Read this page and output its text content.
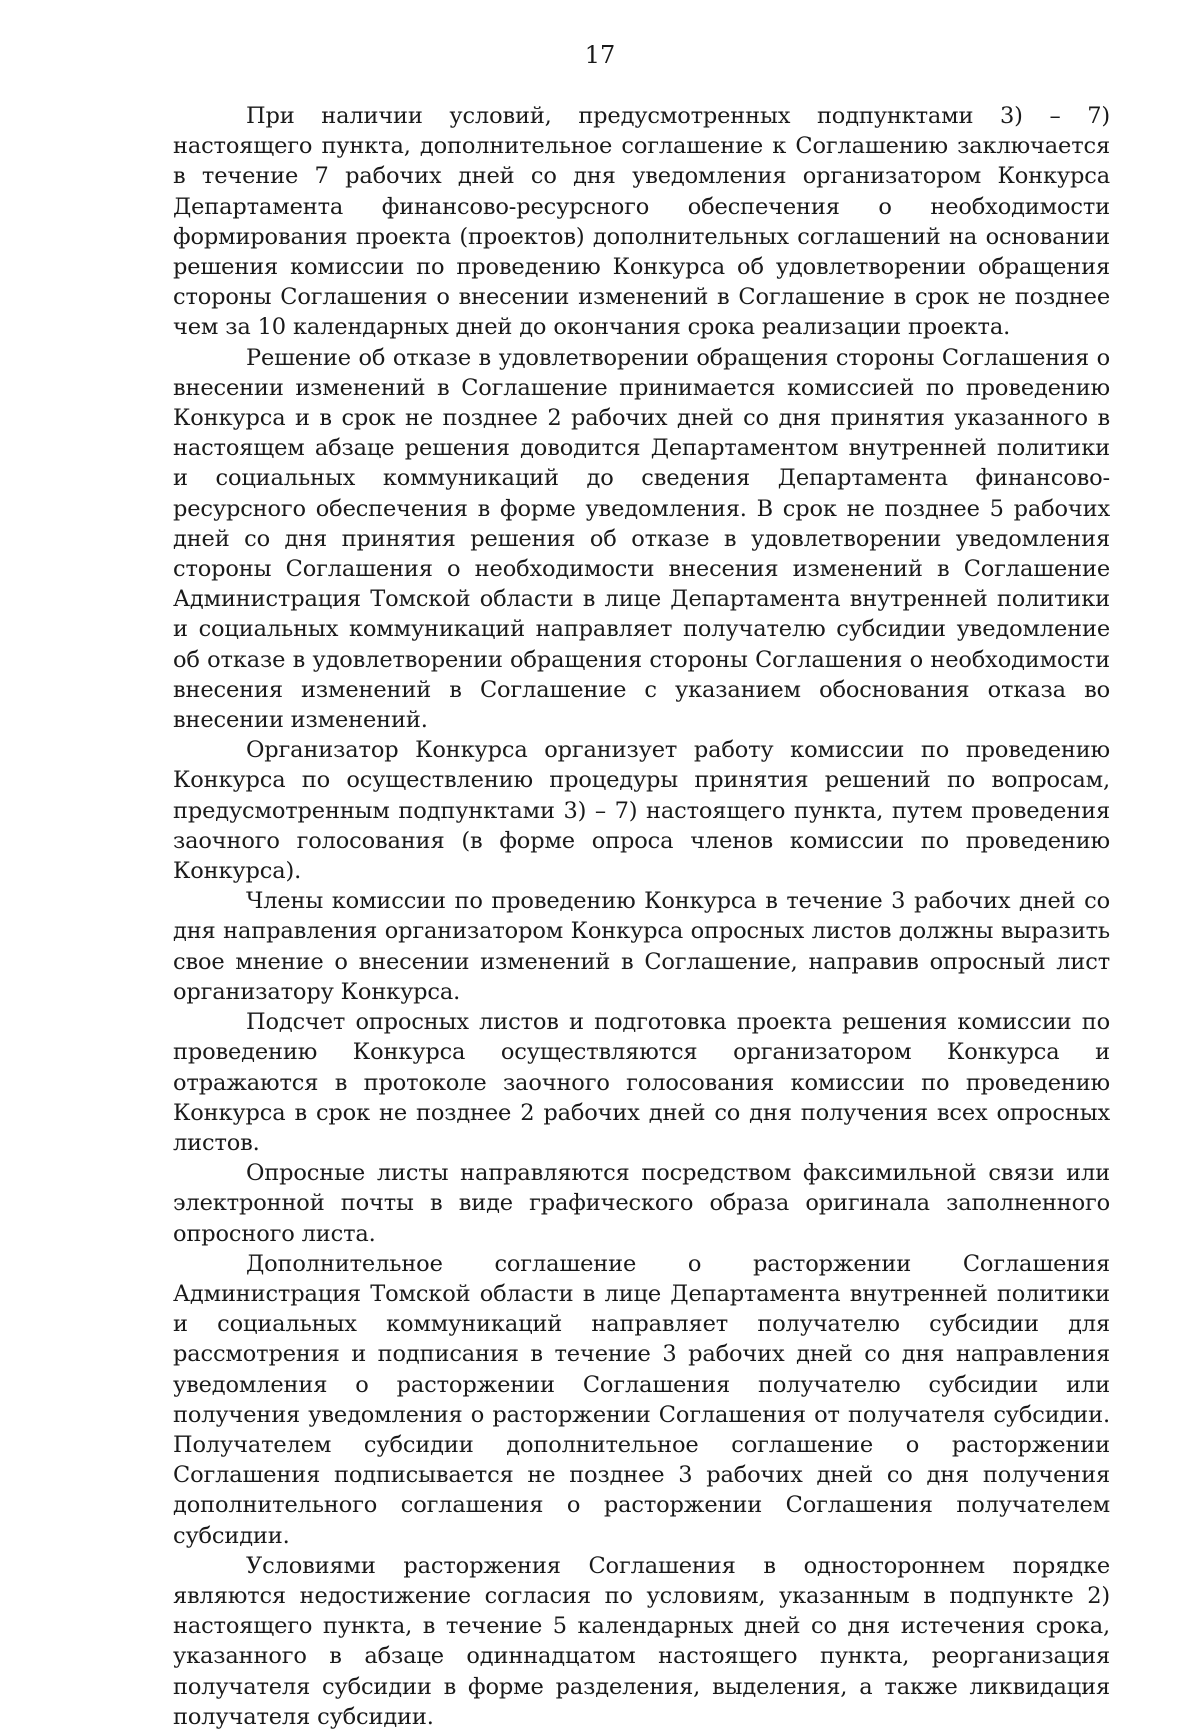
17

При наличии условий, предусмотренных подпунктами 3) – 7) настоящего пункта, дополнительное соглашение к Соглашению заключается в течение 7 рабочих дней со дня уведомления организатором Конкурса Департамента финансово-ресурсного обеспечения о необходимости формирования проекта (проектов) дополнительных соглашений на основании решения комиссии по проведению Конкурса об удовлетворении обращения стороны Соглашения о внесении изменений в Соглашение в срок не позднее чем за 10 календарных дней до окончания срока реализации проекта.

Решение об отказе в удовлетворении обращения стороны Соглашения о внесении изменений в Соглашение принимается комиссией по проведению Конкурса и в срок не позднее 2 рабочих дней со дня принятия указанного в настоящем абзаце решения доводится Департаментом внутренней политики и социальных коммуникаций до сведения Департамента финансово-ресурсного обеспечения в форме уведомления. В срок не позднее 5 рабочих дней со дня принятия решения об отказе в удовлетворении уведомления стороны Соглашения о необходимости внесения изменений в Соглашение Администрация Томской области в лице Департамента внутренней политики и социальных коммуникаций направляет получателю субсидии уведомление об отказе в удовлетворении обращения стороны Соглашения о необходимости внесения изменений в Соглашение с указанием обоснования отказа во внесении изменений.

Организатор Конкурса организует работу комиссии по проведению Конкурса по осуществлению процедуры принятия решений по вопросам, предусмотренным подпунктами 3) – 7) настоящего пункта, путем проведения заочного голосования (в форме опроса членов комиссии по проведению Конкурса).

Члены комиссии по проведению Конкурса в течение 3 рабочих дней со дня направления организатором Конкурса опросных листов должны выразить свое мнение о внесении изменений в Соглашение, направив опросный лист организатору Конкурса.

Подсчет опросных листов и подготовка проекта решения комиссии по проведению Конкурса осуществляются организатором Конкурса и отражаются в протоколе заочного голосования комиссии по проведению Конкурса в срок не позднее 2 рабочих дней со дня получения всех опросных листов.

Опросные листы направляются посредством факсимильной связи или электронной почты в виде графического образа оригинала заполненного опросного листа.

Дополнительное соглашение о расторжении Соглашения Администрация Томской области в лице Департамента внутренней политики и социальных коммуникаций направляет получателю субсидии для рассмотрения и подписания в течение 3 рабочих дней со дня направления уведомления о расторжении Соглашения получателю субсидии или получения уведомления о расторжении Соглашения от получателя субсидии. Получателем субсидии дополнительное соглашение о расторжении Соглашения подписывается не позднее 3 рабочих дней со дня получения дополнительного соглашения о расторжении Соглашения получателем субсидии.

Условиями расторжения Соглашения в одностороннем порядке являются недостижение согласия по условиям, указанным в подпункте 2) настоящего пункта, в течение 5 календарных дней со дня истечения срока, указанного в абзаце одиннадцатом настоящего пункта, реорганизация получателя субсидии в форме разделения, выделения, а также ликвидация получателя субсидии.
